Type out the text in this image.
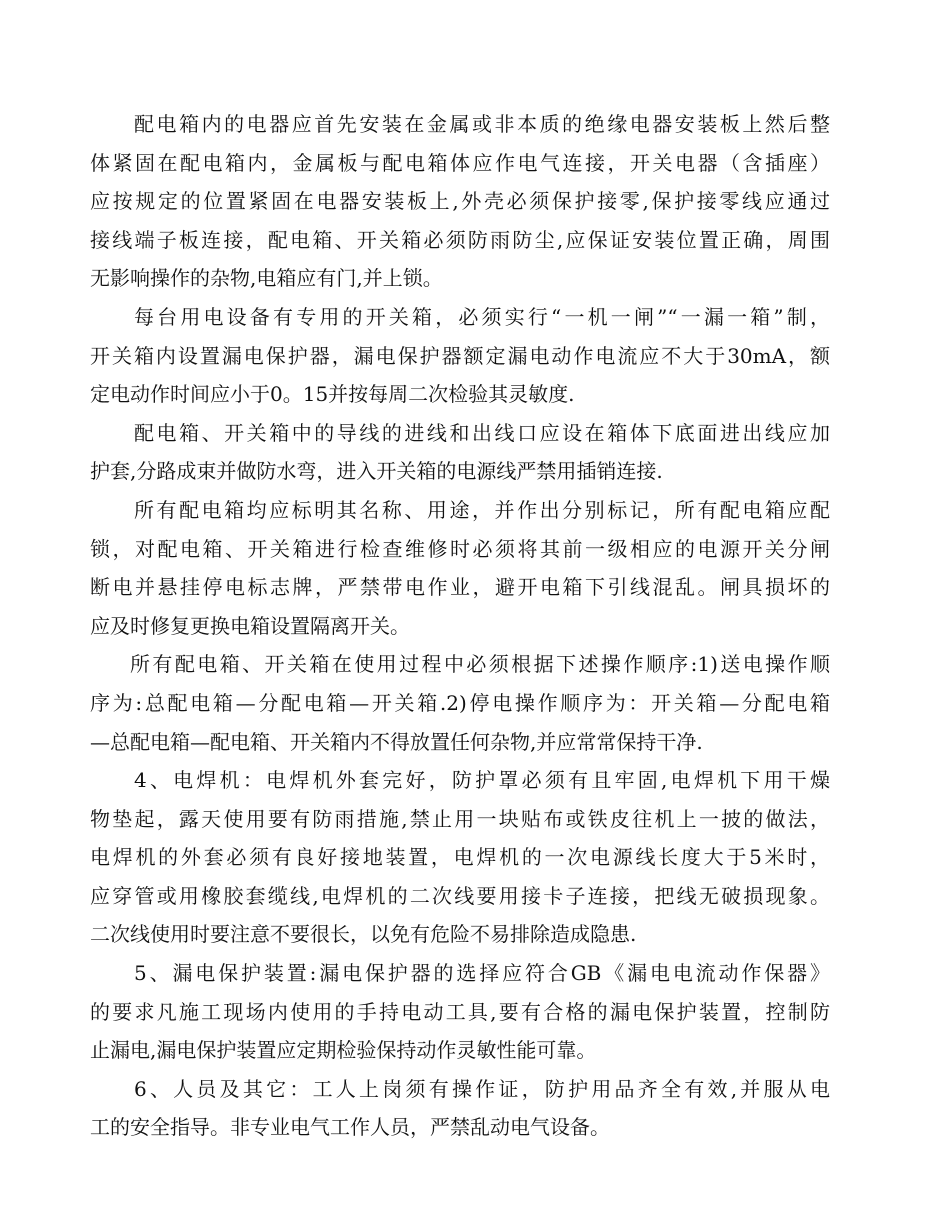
配电箱内的电器应首先安装在金属或非本质的绝缘电器安装板上然后整
体紧固在配电箱内，金属板与配电箱体应作电气连接，开关电器（含插座）
应按规定的位置紧固在电器安装板上,外壳必须保护接零,保护接零线应通过
接线端子板连接，配电箱、开关箱必须防雨防尘,应保证安装位置正确，周围
无影响操作的杂物,电箱应有门,并上锁。

每台用电设备有专用的开关箱，必须实行“一机一闸”“一漏一箱”制，
开关箱内设置漏电保护器，漏电保护器额定漏电动作电流应不大于30mA，额
定电动作时间应小于0。15并按每周二次检验其灵敏度.

配电箱、开关箱中的导线的进线和出线口应设在箱体下底面进出线应加
护套,分路成束并做防水弯，进入开关箱的电源线严禁用插销连接.

所有配电箱均应标明其名称、用途，并作出分别标记，所有配电箱应配
锁，对配电箱、开关箱进行检查维修时必须将其前一级相应的电源开关分闸
断电并悬挂停电标志牌，严禁带电作业，避开电箱下引线混乱。闸具损坏的
应及时修复更换电箱设置隔离开关。

所有配电箱、开关箱在使用过程中必须根据下述操作顺序:1)送电操作顺
序为:总配电箱—分配电箱—开关箱.2)停电操作顺序为：开关箱—分配电箱
—总配电箱—配电箱、开关箱内不得放置任何杂物,并应常常保持干净.

4、电焊机：电焊机外套完好，防护罩必须有且牢固,电焊机下用干燥
物垫起，露天使用要有防雨措施,禁止用一块贴布或铁皮往机上一披的做法，
电焊机的外套必须有良好接地装置，电焊机的一次电源线长度大于5米时，
应穿管或用橡胶套缆线,电焊机的二次线要用接卡子连接，把线无破损现象。
二次线使用时要注意不要很长，以免有危险不易排除造成隐患.

5、漏电保护装置:漏电保护器的选择应符合GB《漏电电流动作保器》
的要求凡施工现场内使用的手持电动工具,要有合格的漏电保护装置，控制防
止漏电,漏电保护装置应定期检验保持动作灵敏性能可靠。

6、人员及其它：工人上岗须有操作证，防护用品齐全有效,并服从电
工的安全指导。非专业电气工作人员，严禁乱动电气设备。
